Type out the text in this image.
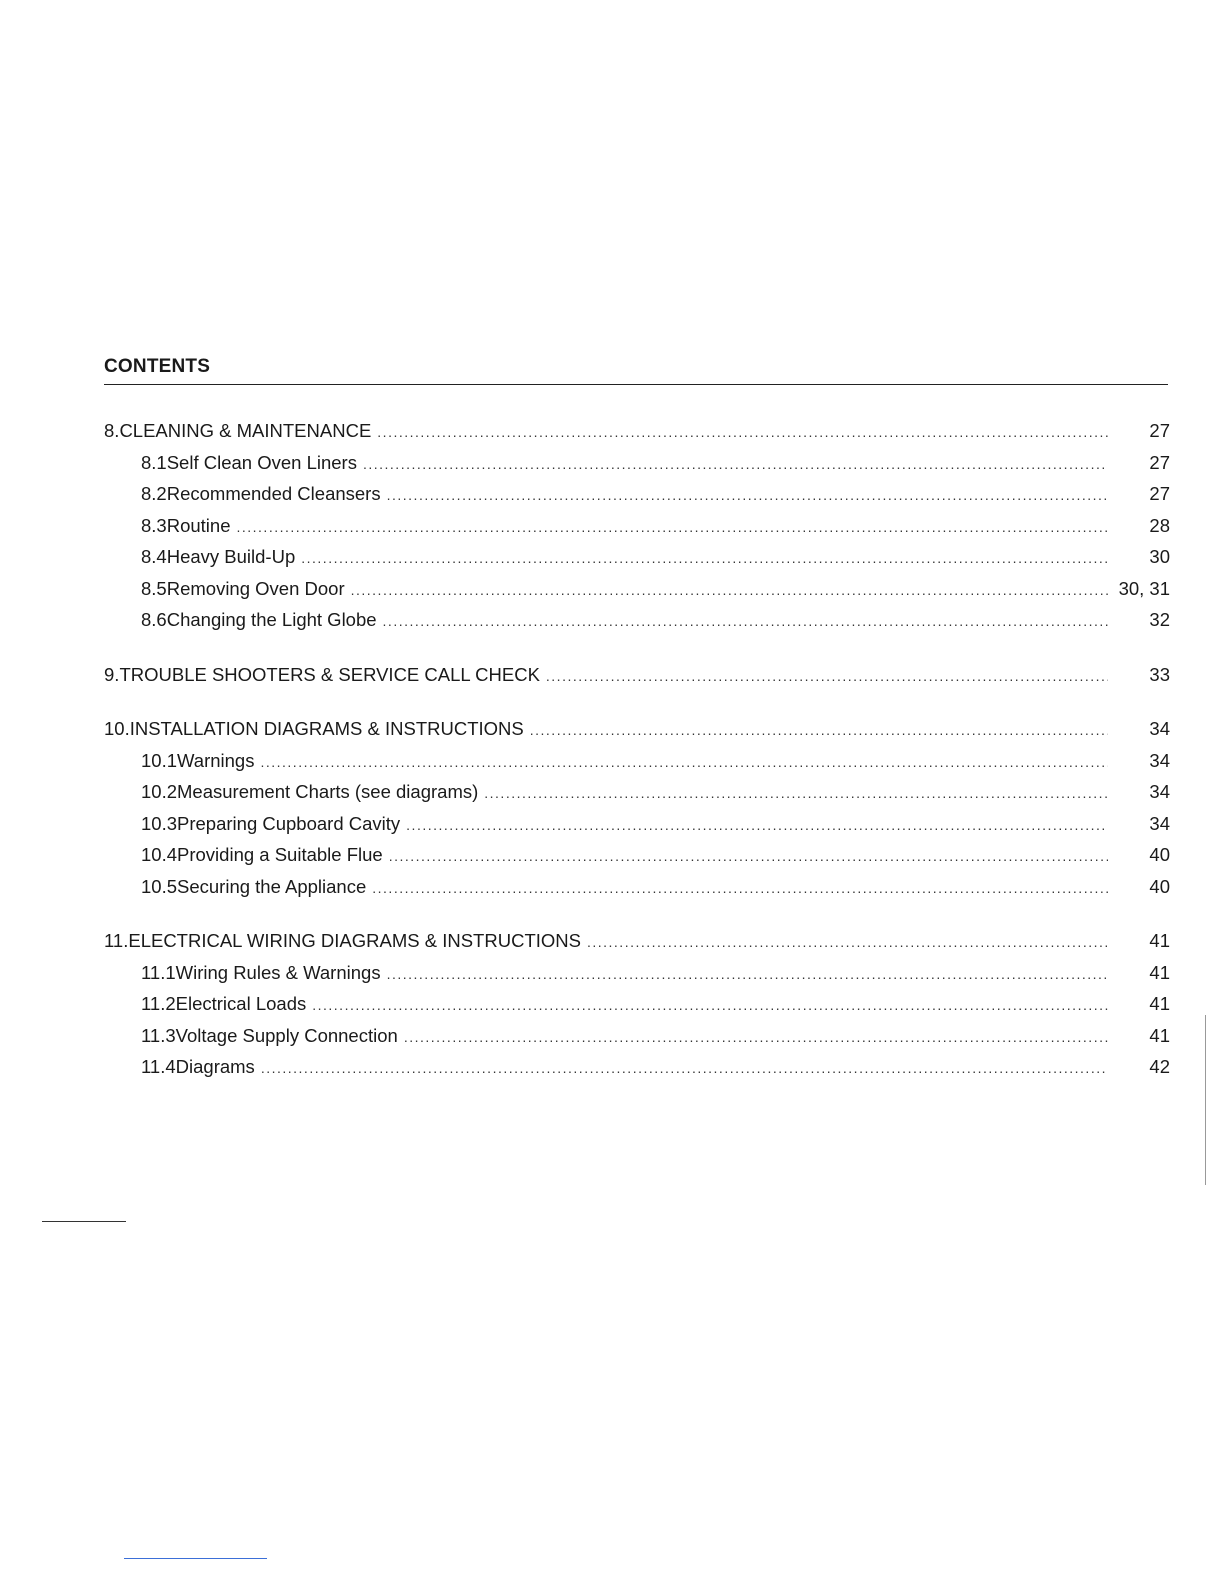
CONTENTS
8. CLEANING & MAINTENANCE .....	27
8.1 Self Clean Oven Liners .....	27
8.2 Recommended Cleansers .....	27
8.3 Routine .....	28
8.4 Heavy Build-Up .....	30
8.5 Removing Oven Door .....	30, 31
8.6 Changing the Light Globe .....	32
9. TROUBLE SHOOTERS & SERVICE CALL CHECK .....	33
10. INSTALLATION DIAGRAMS & INSTRUCTIONS .....	34
10.1 Warnings .....	34
10.2 Measurement Charts (see diagrams) .....	34
10.3 Preparing Cupboard Cavity .....	34
10.4 Providing a Suitable Flue .....	40
10.5 Securing the Appliance .....	40
11. ELECTRICAL WIRING DIAGRAMS & INSTRUCTIONS .....	41
11.1 Wiring Rules & Warnings .....	41
11.2 Electrical Loads .....	41
11.3 Voltage Supply Connection .....	41
11.4 Diagrams .....	42
